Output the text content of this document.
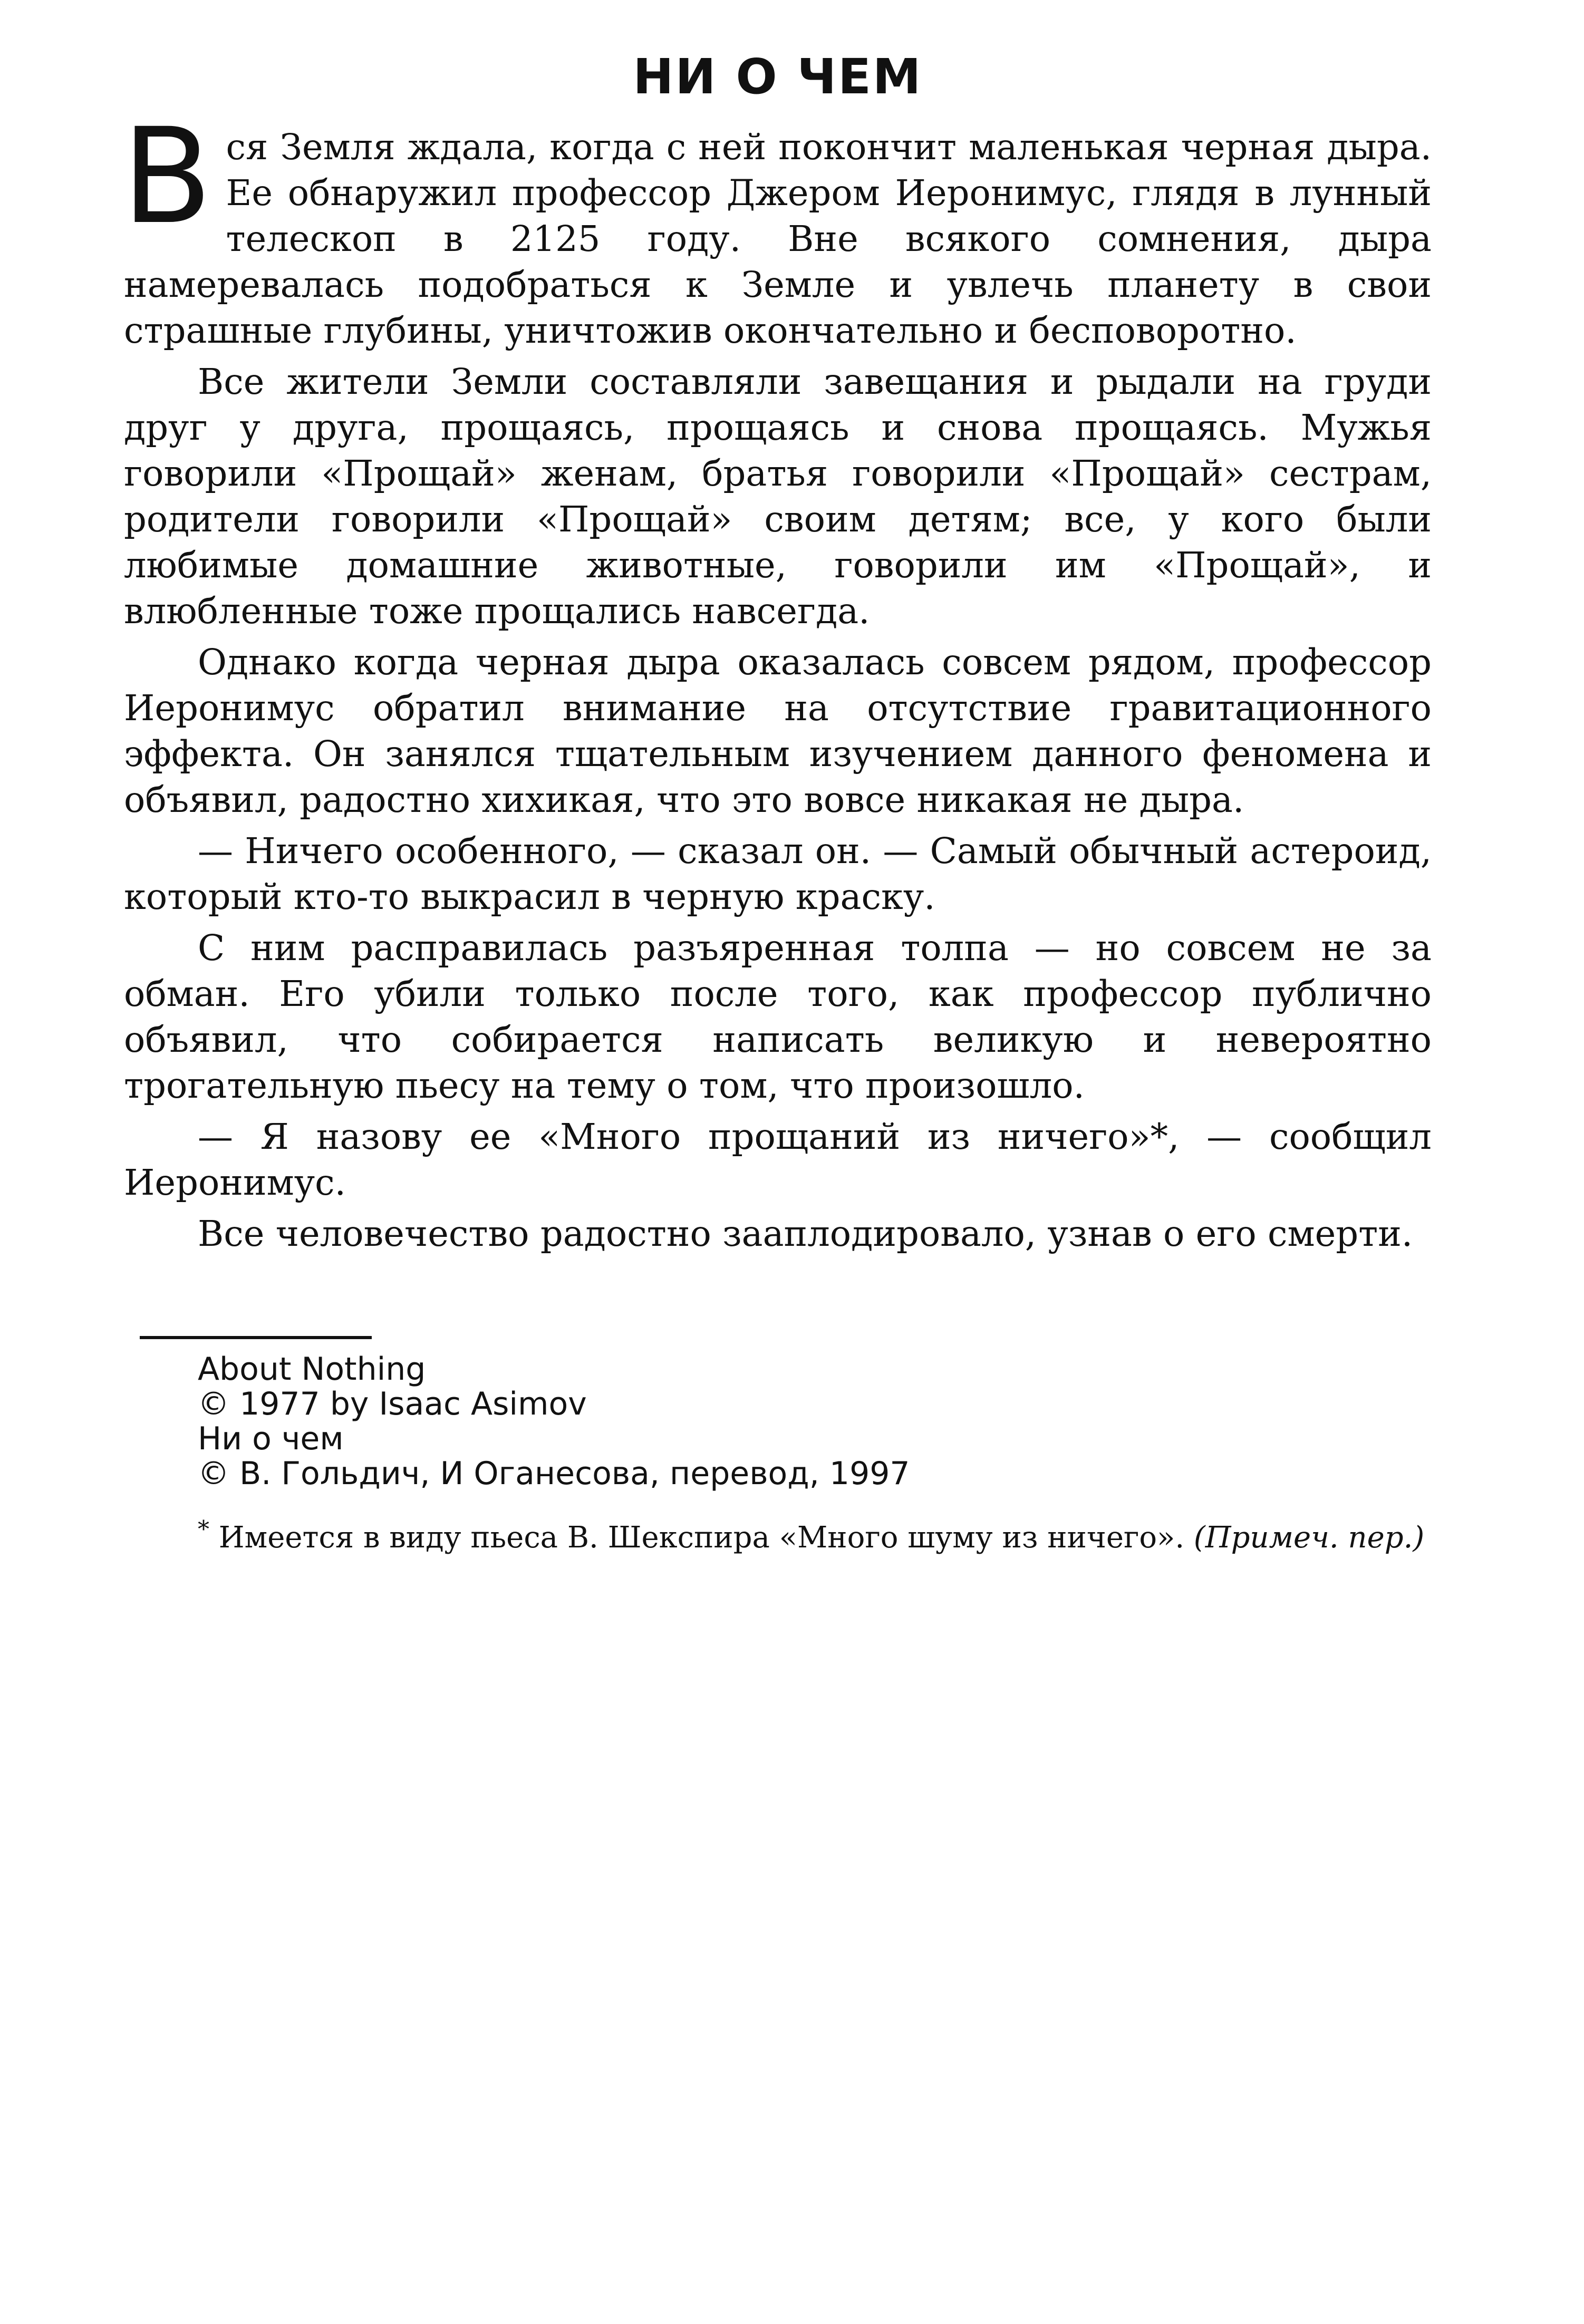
НИ О ЧЕМ

Вся Земля ждала, когда с ней покончит маленькая черная дыра. Ее обнаружил профессор Джером Иеронимус, глядя в лунный телескоп в 2125 году. Вне всякого сомнения, дыра намеревалась подобраться к Земле и увлечь планету в свои страшные глубины, уничтожив окончательно и бесповоротно.

Все жители Земли составляли завещания и рыдали на груди друг у друга, прощаясь, прощаясь и снова прощаясь. Мужья говорили «Прощай» женам, братья говорили «Прощай» сестрам, родители говорили «Прощай» своим детям; все, у кого были любимые домашние животные, говорили им «Прощай», и влюбленные тоже прощались навсегда.

Однако когда черная дыра оказалась совсем рядом, профессор Иеронимус обратил внимание на отсутствие гравитационного эффекта. Он занялся тщательным изучением данного феномена и объявил, радостно хихикая, что это вовсе никакая не дыра.

— Ничего особенного, — сказал он. — Самый обычный астероид, который кто-то выкрасил в черную краску.

С ним расправилась разъяренная толпа — но совсем не за обман. Его убили только после того, как профессор публично объявил, что собирается написать великую и невероятно трогательную пьесу на тему о том, что произошло.

— Я назову ее «Много прощаний из ничего»*, — сообщил Иеронимус.

Все человечество радостно зааплодировало, узнав о его смерти.

About Nothing
© 1977 by Isaac Asimov
Ни о чем
© В. Гольдич, И Оганесова, перевод, 1997

* Имеется в виду пьеса В. Шекспира «Много шуму из ничего». (Примеч. пер.)
